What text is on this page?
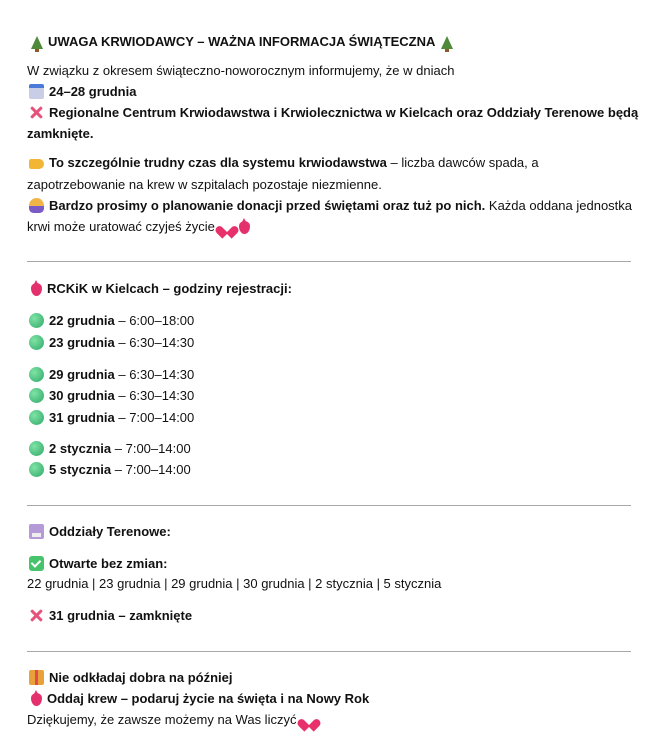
UWAGA KRWIODAWCY – WAŻNA INFORMACJA ŚWIĄTECZNA
W związku z okresem świąteczno-noworocznym informujemy, że w dniach
24–28 grudnia
Regionalne Centrum Krwiodawstwa i Krwiolecznictwa w Kielcach oraz Oddziały Terenowe będą
zamknięte.
To szczególnie trudny czas dla systemu krwiodawstwa – liczba dawców spada, a
zapotrzebowanie na krew w szpitalach pozostaje niezmienne.
Bardzo prosimy o planowanie donacji przed świętami oraz tuż po nich. Każda oddana jednostka
krwi może uratować czyjeś życie
RCKiK w Kielcach – godziny rejestracji:
22 grudnia – 6:00–18:00
23 grudnia – 6:30–14:30
29 grudnia – 6:30–14:30
30 grudnia – 6:30–14:30
31 grudnia – 7:00–14:00
2 stycznia – 7:00–14:00
5 stycznia – 7:00–14:00
Oddziały Terenowe:
Otwarte bez zmian:
22 grudnia | 23 grudnia | 29 grudnia | 30 grudnia | 2 stycznia | 5 stycznia
31 grudnia – zamknięte
Nie odkładaj dobra na później
Oddaj krew – podaruj życie na święta i na Nowy Rok
Dziękujemy, że zawsze możemy na Was liczyć
